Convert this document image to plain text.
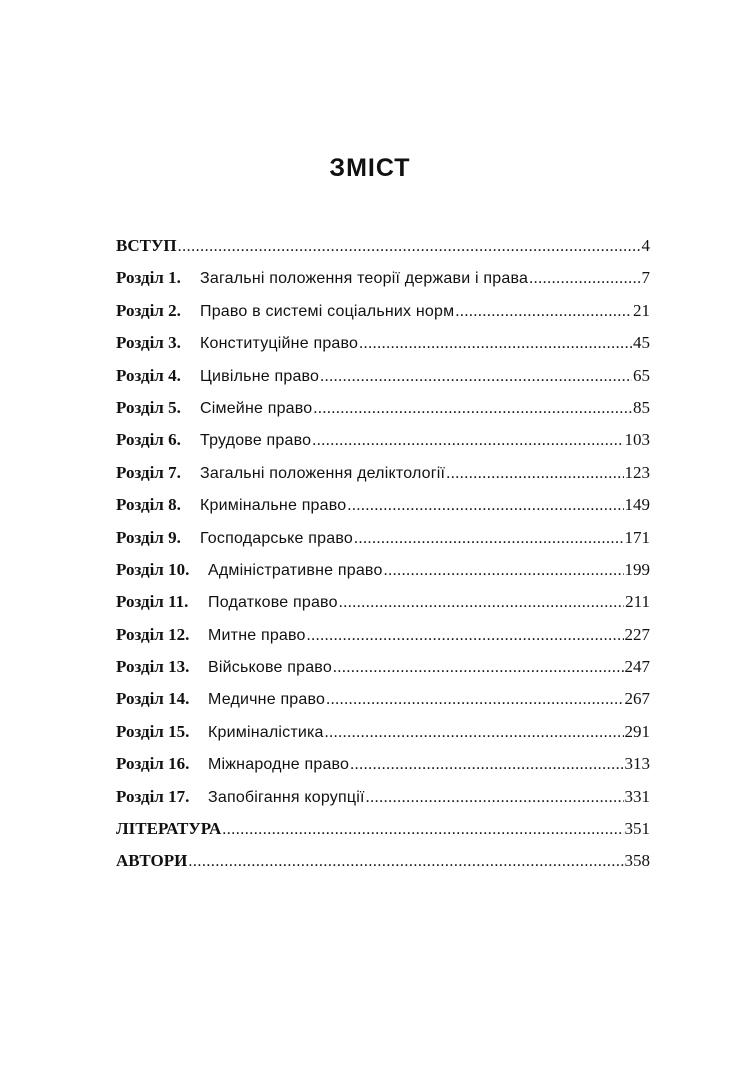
ЗМІСТ
ВСТУП .....	4
Розділ 1.	Загальні положення теорії держави і права .....	7
Розділ 2.	Право в системі соціальних норм .....	21
Розділ 3.	Конституційне право .....	45
Розділ 4.	Цивільне право .....	65
Розділ 5.	Сімейне право .....	85
Розділ 6.	Трудове право .....	103
Розділ 7.	Загальні положення деліктології .....	123
Розділ 8.	Кримінальне право .....	149
Розділ 9.	Господарське право .....	171
Розділ 10.	Адміністративне право .....	199
Розділ 11.	Податкове право .....	211
Розділ 12.	Митне право .....	227
Розділ 13.	Військове право .....	247
Розділ 14.	Медичне право .....	267
Розділ 15.	Криміналістика .....	291
Розділ 16.	Міжнародне право .....	313
Розділ 17.	Запобігання корупції .....	331
ЛІТЕРАТУРА .....	351
АВТОРИ .....	358
